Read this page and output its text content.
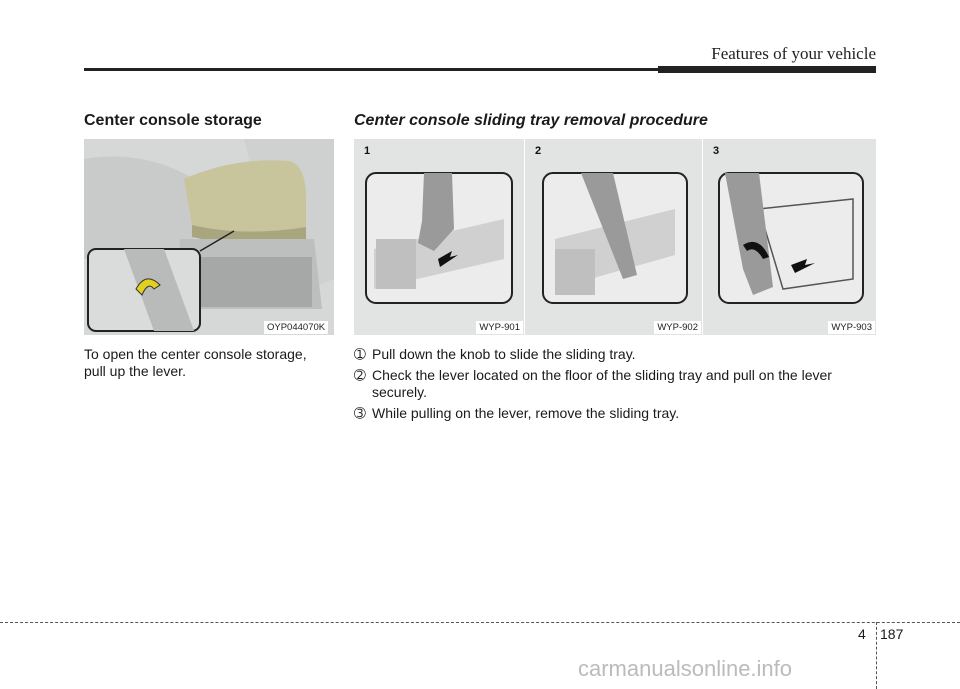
Features of your vehicle
Center console storage
OYP044070K
To open the center console storage,
pull up the lever.
Center console sliding tray removal procedure
1
WYP-901
2
WYP-902
3
WYP-903
➀ Pull down the knob to slide the sliding tray.
➁ Check the lever located on the floor of the sliding tray and pull on the lever
securely.
➂ While pulling on the lever, remove the sliding tray.
4 187
carmanualsonline.info
